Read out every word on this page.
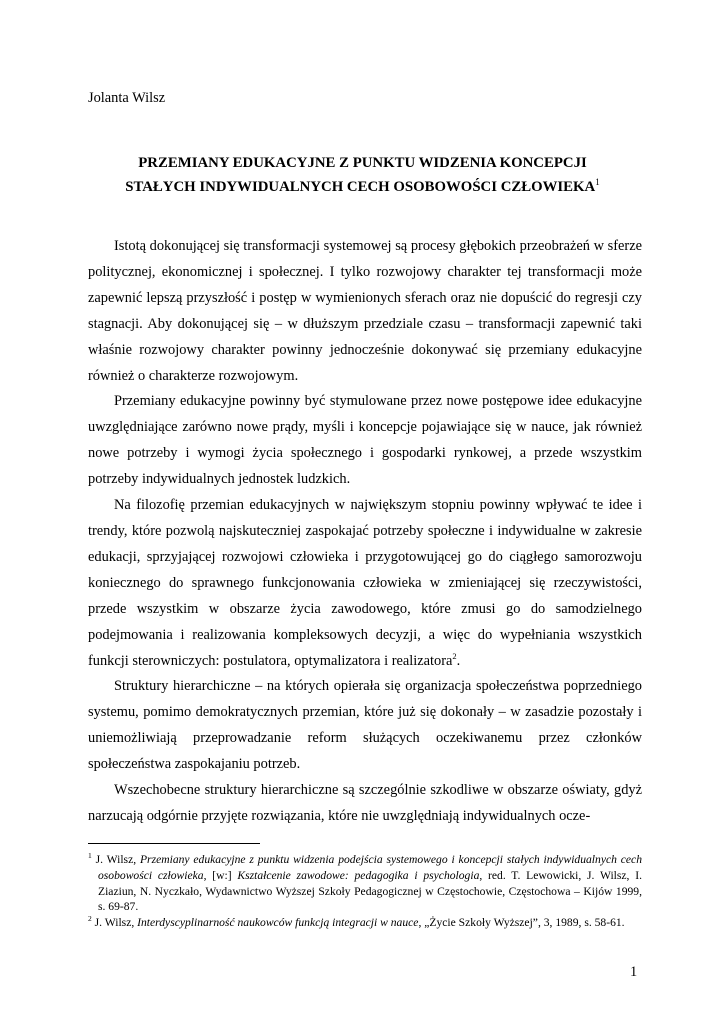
Jolanta Wilsz
PRZEMIANY EDUKACYJNE Z PUNKTU WIDZENIA KONCEPCJI
STAŁYCH INDYWIDUALNYCH CECH OSOBOWOŚCI CZŁOWIEKA$^1$

Istotą dokonującej się transformacji systemowej są procesy głębokich przeobrażeń w sferze politycznej, ekonomicznej i społecznej. I tylko rozwojowy charakter tej transformacji może zapewnić lepszą przyszłość i postęp w wymienionych sferach oraz nie dopuścić do regresji czy stagnacji. Aby dokonującej się – w dłuższym przedziale czasu – transformacji zapewnić taki właśnie rozwojowy charakter powinny jednocześnie dokonywać się przemiany edukacyjne również o charakterze rozwojowym.

Przemiany edukacyjne powinny być stymulowane przez nowe postępowe idee edukacyjne uwzględniające zarówno nowe prądy, myśli i koncepcje pojawiające się w nauce, jak również nowe potrzeby i wymogi życia społecznego i gospodarki rynkowej, a przede wszystkim potrzeby indywidualnych jednostek ludzkich.

Na filozofię przemian edukacyjnych w największym stopniu powinny wpływać te idee i trendy, które pozwolą najskuteczniej zaspokajać potrzeby społeczne i indywidualne w zakresie edukacji, sprzyjającej rozwojowi człowieka i przygotowującej go do ciągłego samorozwoju koniecznego do sprawnego funkcjonowania człowieka w zmieniającej się rzeczywistości, przede wszystkim w obszarze życia zawodowego, które zmusi go do samodzielnego podejmowania i realizowania kompleksowych decyzji, a więc do wypełniania wszystkich funkcji sterowniczych: postulatora, optymalizatora i realizatora$^2$.

Struktury hierarchiczne – na których opierała się organizacja społeczeństwa poprzedniego systemu, pomimo demokratycznych przemian, które już się dokonały – w zasadzie pozostały i uniemożliwiają przeprowadzanie reform służących oczekiwanemu przez członków społeczeństwa zaspokajaniu potrzeb.

Wszechobecne struktury hierarchiczne są szczególnie szkodliwe w obszarze oświaty, gdyż narzucają odgórnie przyjęte rozwiązania, które nie uwzględniają indywidualnych ocze-

$^1$ J. Wilsz, Przemiany edukacyjne z punktu widzenia podejścia systemowego i koncepcji stałych indywidualnych cech osobowości człowieka, [w:] Kształcenie zawodowe: pedagogika i psychologia, red. T. Lewowicki, J. Wilsz, I. Ziaziun, N. Nyczkało, Wydawnictwo Wyższej Szkoły Pedagogicznej w Częstochowie, Częstochowa – Kijów 1999, s. 69-87.

$^2$ J. Wilsz, Interdyscyplinarność naukowców funkcją integracji w nauce, „Życie Szkoły Wyższej”, 3, 1989, s. 58-61.

1
